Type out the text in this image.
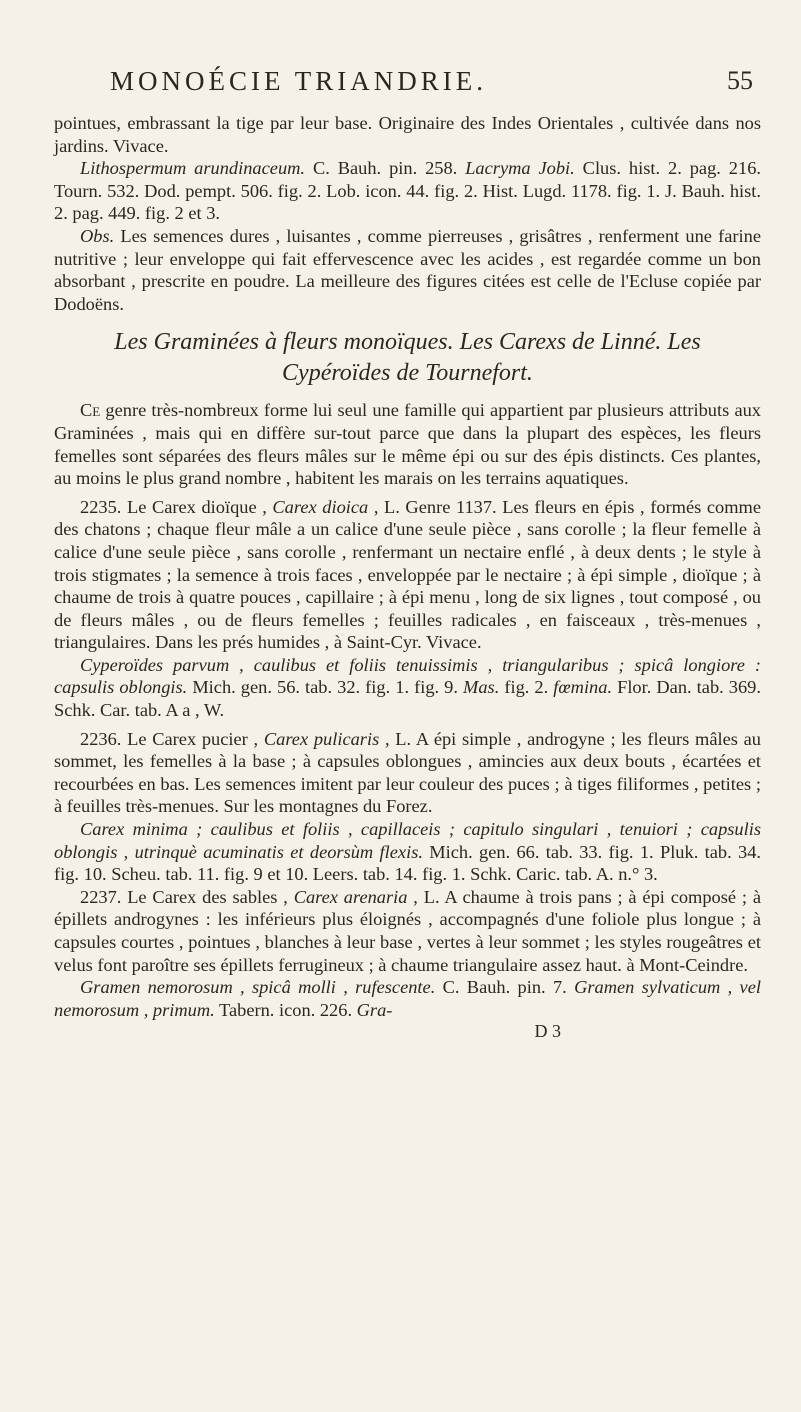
MONOÉCIE TRIANDRIE.	55

pointues, embrassant la tige par leur base. Originaire des Indes Orientales , cultivée dans nos jardins. Vivace.

Lithospermum arundinaceum. C. Bauh. pin. 258. Lacryma Jobi. Clus. hist. 2. pag. 216. Tourn. 532. Dod. pempt. 506. fig. 2. Lob. icon. 44. fig. 2. Hist. Lugd. 1178. fig. 1. J. Bauh. hist. 2. pag. 449. fig. 2 et 3.

Obs. Les semences dures , luisantes , comme pierreuses , grisâtres , renferment une farine nutritive ; leur enveloppe qui fait effervescence avec les acides , est regardée comme un bon absorbant , prescrite en poudre. La meilleure des figures citées est celle de l'Ecluse copiée par Dodoëns.

Les Graminées à fleurs monoïques. Les Carexs de Linné. Les
Cypéroïdes de Tournefort.

Ce genre très-nombreux forme lui seul une famille qui appartient par plusieurs attributs aux Graminées , mais qui en diffère sur-tout parce que dans la plupart des espèces, les fleurs femelles sont séparées des fleurs mâles sur le même épi ou sur des épis distincts. Ces plantes, au moins le plus grand nombre , habitent les marais on les terrains aquatiques.

2235. Le Carex dioïque , Carex dioica , L. Genre 1137. Les fleurs en épis , formés comme des chatons ; chaque fleur mâle a un calice d'une seule pièce , sans corolle ; la fleur femelle à calice d'une seule pièce , sans corolle , renfermant un nectaire enflé , à deux dents ; le style à trois stigmates ; la semence à trois faces , enveloppée par le nectaire ; à épi simple , dioïque ; à chaume de trois à quatre pouces , capillaire ; à épi menu , long de six lignes , tout composé , ou de fleurs mâles , ou de fleurs femelles ; feuilles radicales , en faisceaux , très-menues , triangulaires. Dans les prés humides , à Saint-Cyr. Vivace.

Cyperoïdes parvum , caulibus et foliis tenuissimis , triangularibus ; spicâ longiore : capsulis oblongis. Mich. gen. 56. tab. 32. fig. 1. fig. 9. Mas. fig. 2. fœmina. Flor. Dan. tab. 369. Schk. Car. tab. A a , W.

2236. Le Carex pucier , Carex pulicaris , L. A épi simple , androgyne ; les fleurs mâles au sommet, les femelles à la base ; à capsules oblongues , amincies aux deux bouts , écartées et recourbées en bas. Les semences imitent par leur couleur des puces ; à tiges filiformes , petites ; à feuilles très-menues. Sur les montagnes du Forez.

Carex minima ; caulibus et foliis , capillaceis ; capitulo singulari , tenuiori ; capsulis oblongis , utrinquè acuminatis et deorsùm flexis. Mich. gen. 66. tab. 33. fig. 1. Pluk. tab. 34. fig. 10. Scheu. tab. 11. fig. 9 et 10. Leers. tab. 14. fig. 1. Schk. Caric. tab. A. n.° 3.

2237. Le Carex des sables , Carex arenaria , L. A chaume à trois pans ; à épi composé ; à épillets androgynes : les inférieurs plus éloignés , accompagnés d'une foliole plus longue ; à capsules courtes , pointues , blanches à leur base , vertes à leur sommet ; les styles rougeâtres et velus font paroître ses épillets ferrugineux ; à chaume triangulaire assez haut. à Mont-Ceindre.

Gramen nemorosum , spicâ molli , rufescente. C. Bauh. pin. 7. Gramen sylvaticum , vel nemorosum , primum. Tabern. icon. 226. Gra-

D 3
